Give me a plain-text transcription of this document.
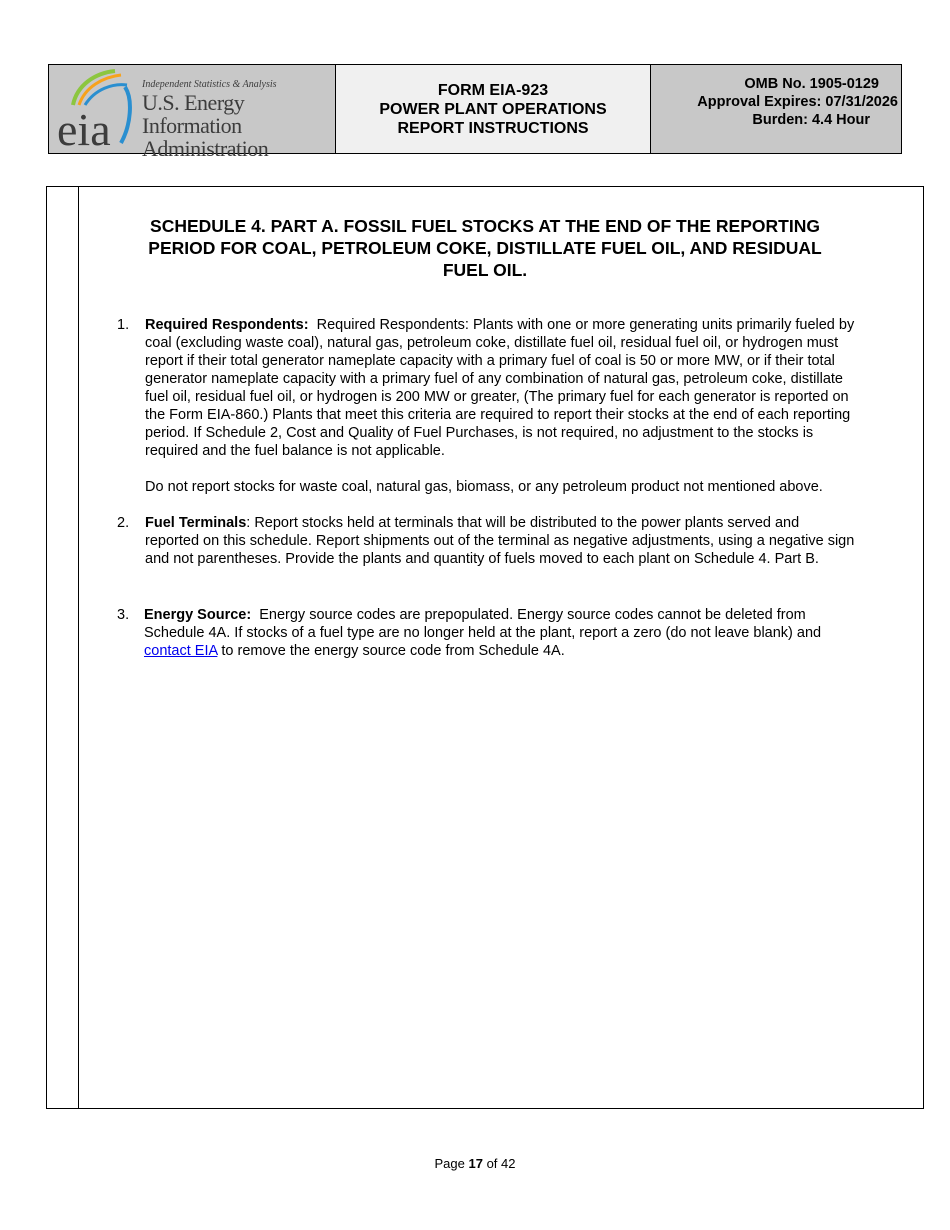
eia
Independent Statistics & Analysis
U.S. Energy Information
Administration
FORM EIA-923
POWER PLANT OPERATIONS
REPORT INSTRUCTIONS
OMB No. 1905-0129
Approval Expires: 07/31/2026
Burden: 4.4 Hour
SCHEDULE 4. PART A. FOSSIL FUEL STOCKS AT THE END OF THE REPORTING PERIOD FOR COAL, PETROLEUM COKE, DISTILLATE FUEL OIL, AND RESIDUAL FUEL OIL.
1. Required Respondents: Required Respondents: Plants with one or more generating units primarily fueled by coal (excluding waste coal), natural gas, petroleum coke, distillate fuel oil, residual fuel oil, or hydrogen must report if their total generator nameplate capacity with a primary fuel of coal is 50 or more MW, or if their total generator nameplate capacity with a primary fuel of any combination of natural gas, petroleum coke, distillate fuel oil, residual fuel oil, or hydrogen is 200 MW or greater, (The primary fuel for each generator is reported on the Form EIA-860.) Plants that meet this criteria are required to report their stocks at the end of each reporting period. If Schedule 2, Cost and Quality of Fuel Purchases, is not required, no adjustment to the stocks is required and the fuel balance is not applicable.

Do not report stocks for waste coal, natural gas, biomass, or any petroleum product not mentioned above.

2. Fuel Terminals: Report stocks held at terminals that will be distributed to the power plants served and reported on this schedule. Report shipments out of the terminal as negative adjustments, using a negative sign and not parentheses. Provide the plants and quantity of fuels moved to each plant on Schedule 4. Part B.

3. Energy Source: Energy source codes are prepopulated. Energy source codes cannot be deleted from Schedule 4A. If stocks of a fuel type are no longer held at the plant, report a zero (do not leave blank) and contact EIA to remove the energy source code from Schedule 4A.

Page 17 of 42
